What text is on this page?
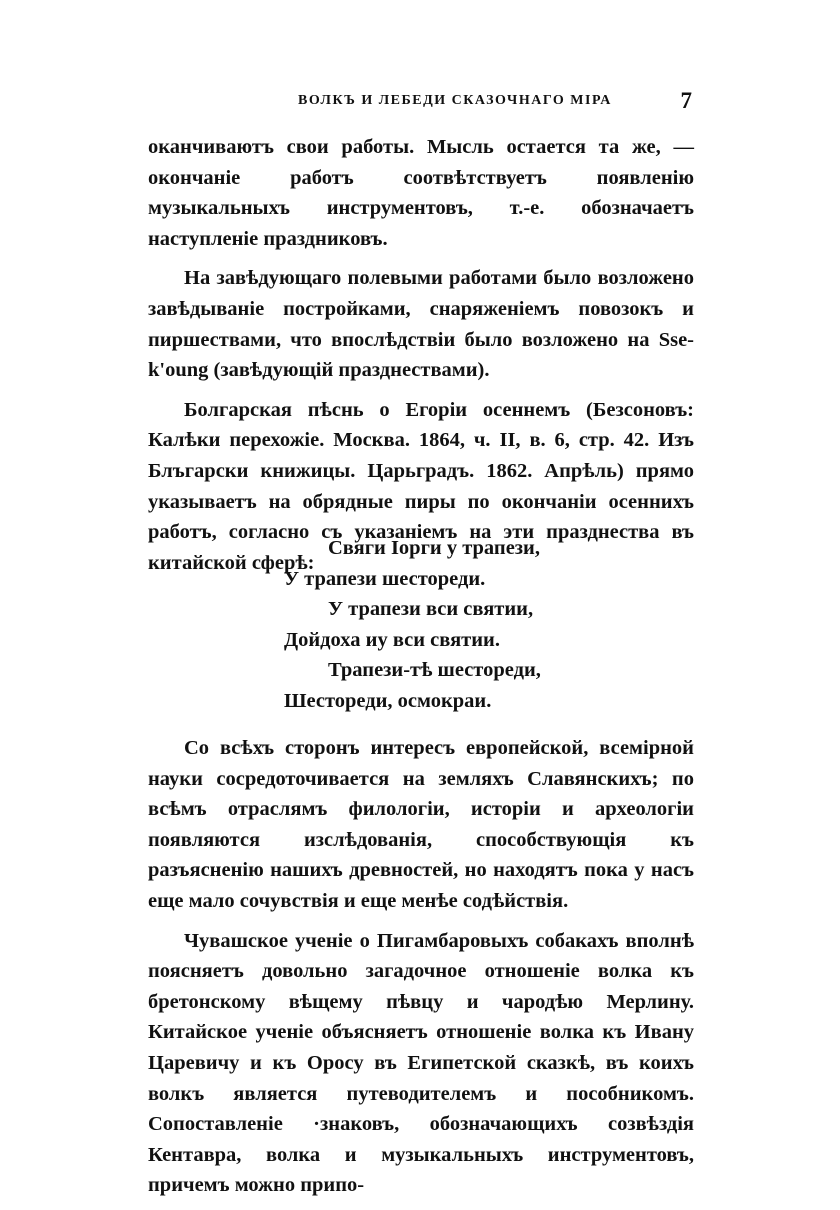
ВОЛКЪ И ЛЕБЕДИ СКАЗОЧНАГО МІРА	7

оканчиваютъ свои работы. Мысль остается та же, — окончаніе работъ соотвѣтствуетъ появленію музыкальныхъ инструментовъ, т.-е. обозначаетъ наступленіе праздниковъ.

На завѣдующаго полевыми работами было возложено завѣдываніе постройками, снаряженіемъ повозокъ и пиршествами, что впослѣдствіи было возложено на Sse-k'oung (завѣдующій празднествами).

Болгарская пѣснь о Егоріи осеннемъ (Безсоновъ: Калѣки перехожіе. Москва. 1864, ч. II, в. 6, стр. 42. Изъ Блъгарски книжицы. Царьградъ. 1862. Апрѣль) прямо указываетъ на обрядные пиры по окончаніи осеннихъ работъ, согласно съ указаніемъ на эти празднества въ китайской сферѣ:

Свяги Іорги у трапези,
У трапези шестореди.
У трапези вси святии,
Дойдоха иу вси святии.
Трапези-тѣ шестореди,
Шестореди, осмокраи.

Со всѣхъ сторонъ интересъ европейской, всемірной науки сосредоточивается на земляхъ Славянскихъ; по всѣмъ отраслямъ филологіи, исторіи и археологіи появляются изслѣдованія, способствующія къ разъясненію нашихъ древностей, но находятъ пока у насъ еще мало сочувствія и еще менѣе содѣйствія.

Чувашское ученіе о Пигамбаровыхъ собакахъ вполнѣ поясняетъ довольно загадочное отношеніе волка къ бретонскому вѣщему пѣвцу и чародѣю Мерлину. Китайское ученіе объясняетъ отношеніе волка къ Ивану Царевичу и къ Оросу въ Египетской сказкѣ, въ коихъ волкъ является путеводителемъ и пособникомъ. Сопоставленіе ·знаковъ, обозначающихъ созвѣздія Кентавра, волка и музыкальныхъ инструментовъ, причемъ можно припо-
